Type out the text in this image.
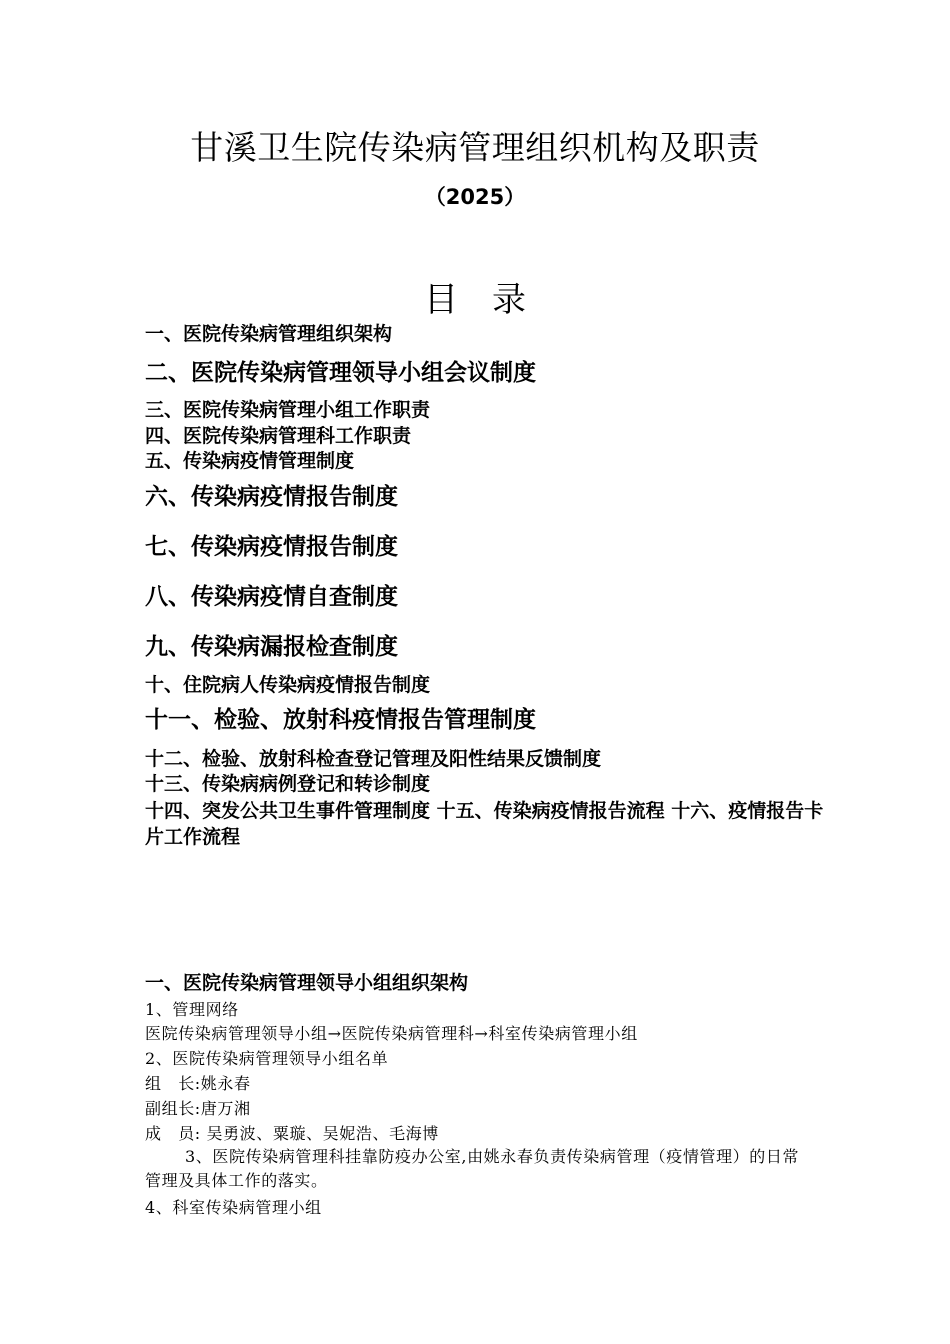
甘溪卫生院传染病管理组织机构及职责
（2025）
目　录
一、医院传染病管理组织架构
二、医院传染病管理领导小组会议制度
三、医院传染病管理小组工作职责
四、医院传染病管理科工作职责
五、传染病疫情管理制度
六、传染病疫情报告制度
七、传染病疫情报告制度
八、传染病疫情自查制度
九、传染病漏报检查制度
十、住院病人传染病疫情报告制度
十一、检验、放射科疫情报告管理制度
十二、检验、放射科检查登记管理及阳性结果反馈制度
十三、传染病病例登记和转诊制度
十四、突发公共卫生事件管理制度 十五、传染病疫情报告流程 十六、疫情报告卡片工作流程
一、医院传染病管理领导小组组织架构
1、管理网络
医院传染病管理领导小组→医院传染病管理科→科室传染病管理小组
2、医院传染病管理领导小组名单
组　长:姚永春
副组长:唐万湘
成　员: 吴勇波、粟璇、吴妮浩、毛海博
3、医院传染病管理科挂靠防疫办公室,由姚永春负责传染病管理（疫情管理）的日常管理及具体工作的落实。
4、科室传染病管理小组
